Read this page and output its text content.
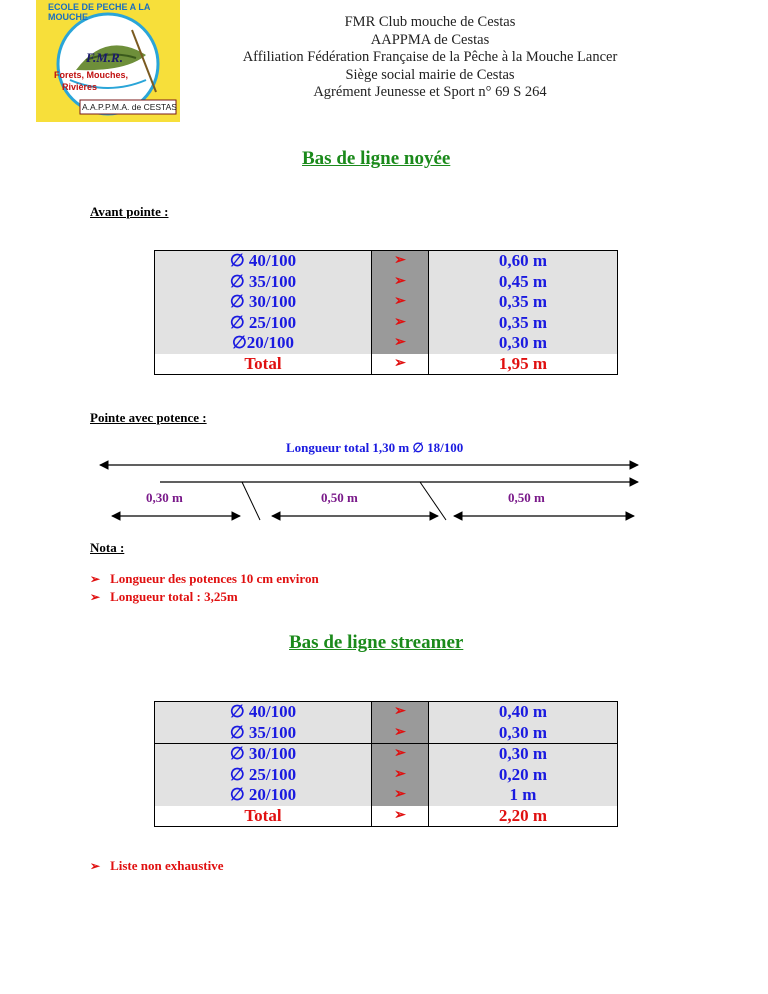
ECOLE DE PECHE A LA MOUCHE
F.M.R.
Forets, Mouches,
Rivières
A.A.P.P.M.A. de CESTAS
FMR Club mouche de Cestas
AAPPMA de Cestas
Affiliation Fédération Française de la Pêche à la Mouche Lancer
Siège social mairie de Cestas
Agrément Jeunesse et Sport n° 69 S 264
Bas de ligne noyée
Avant pointe :
∅ 40/100	➢	0,60 m
∅ 35/100	➢	0,45 m
∅ 30/100	➢	0,35 m
∅ 25/100	➢	0,35 m
∅20/100	➢	0,30 m
Total	➢	1,95 m
Pointe avec potence :
Longueur total 1,30 m ∅ 18/100
0,30 m	0,50 m	0,50 m
Nota :
➢ Longueur des potences 10 cm environ
➢ Longueur total : 3,25m
Bas de ligne streamer
∅ 40/100	➢	0,40 m
∅ 35/100	➢	0,30 m
∅ 30/100	➢	0,30 m
∅ 25/100	➢	0,20 m
∅ 20/100	➢	1 m
Total	➢	2,20 m
➢ Liste non exhaustive
